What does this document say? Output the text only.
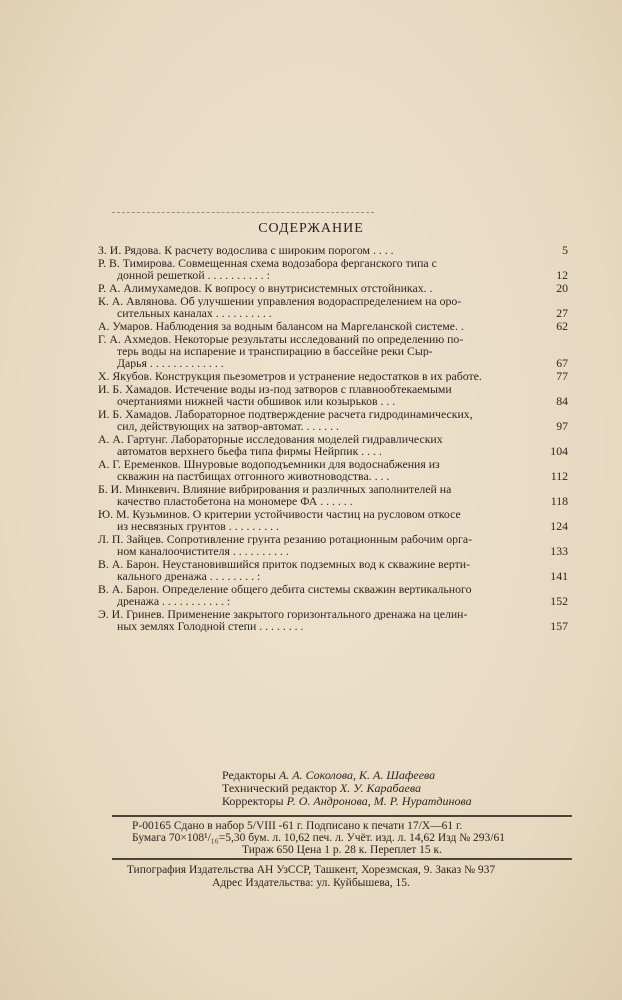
СОДЕРЖАНИЕ
З. И. Рядова. К расчету водослива с широким порогом . . . .	5
Р. В. Тимирова. Совмещенная схема водозабора ферганского типа с
донной решеткой . . . . . . . . . . :	12
Р. А. Алимухамедов. К вопросу о внутрисистемных отстойниках. .	20
К. А. Авлянова. Об улучшении управления водораспределением на оро-
сительных каналах . . . . . . . . . .	27
А. Умаров. Наблюдения за водным балансом на Маргеланской системе. .	62
Г. А. Ахмедов. Некоторые результаты исследований по определению по-
терь воды на испарение и транспирацию в бассейне реки Сыр-
Дарья . . . . . . . . . . . . .	67
Х. Якубов. Конструкция пьезометров и устранение недостатков в их работе.	77
И. Б. Хамадов. Истечение воды из-под затворов с плавнообтекаемыми
очертаниями нижней части обшивок или козырьков . . .	84
И. Б. Хамадов. Лабораторное подтверждение расчета гидродинамических,
сил, действующих на затвор-автомат. . . . . . .	97
А. А. Гартунг. Лабораторные исследования моделей гидравлических
автоматов верхнего бьефа типа фирмы Нейрпик . . . .	104
А. Г. Еременков. Шнуровые водоподъемники для водоснабжения из
скважин на пастбищах отгонного животноводства. . . .	112
Б. И. Минкевич. Влияние вибрирования и различных заполнителей на
качество пластобетона на мономере ФА . . . . . .	118
Ю. М. Кузьминов. О критерии устойчивости частиц на русловом откосе
из несвязных грунтов . . . . . . . . .	124
Л. П. Зайцев. Сопротивление грунта резанию ротационным рабочим орга-
ном каналоочистителя . . . . . . . . . .	133
В. А. Барон. Неустановившийся приток подземных вод к скважине верти-
кального дренажа . . . . . . . . :	141
В. А. Барон. Определение общего дебита системы скважин вертикального
дренажа . . . . . . . . . . . :	152
Э. И. Гринев. Применение закрытого горизонтального дренажа на целин-
ных землях Голодной степи . . . . . . . .	157
Редакторы А. А. Соколова, К. А. Шафеева
Технический редактор Х. У. Карабаева
Корректоры Р. О. Андронова, М. Р. Нуратдинова
Р-00165 Сдано в набор 5/VIII -61 г. Подписано к печати 17/X—61 г.
Бумага 70×108¹/₁₆=5,30 бум. л. 10,62 печ. л. Учёт. изд. л. 14,62 Изд № 293/61
Тираж 650 Цена 1 р. 28 к. Переплет 15 к.
Типография Издательства АН УзССР, Ташкент, Хорезмская, 9. Заказ № 937
Адрес Издательства: ул. Куйбышева, 15.
